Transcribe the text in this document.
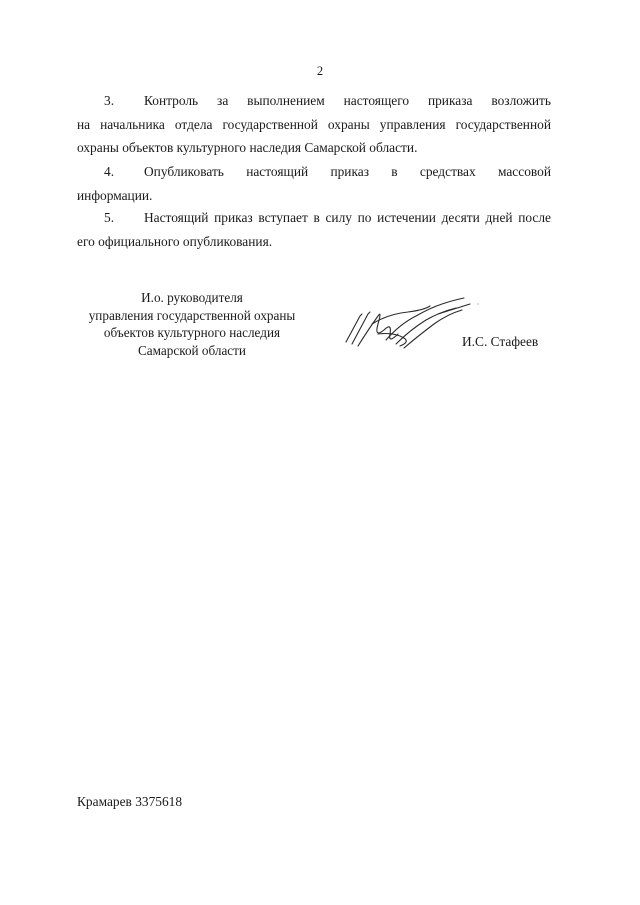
2
3. Контроль за выполнением настоящего приказа возложить
на начальника отдела государственной охраны управления государственной охраны объектов культурного наследия Самарской области.
4. Опубликовать настоящий приказ в средствах массовой
информации.
5. Настоящий приказ вступает в силу по истечении десяти дней после его официального опубликования.
И.о. руководителя
управления государственной охраны
объектов культурного наследия
Самарской области
И.С. Стафеев
Крамарев 3375618
